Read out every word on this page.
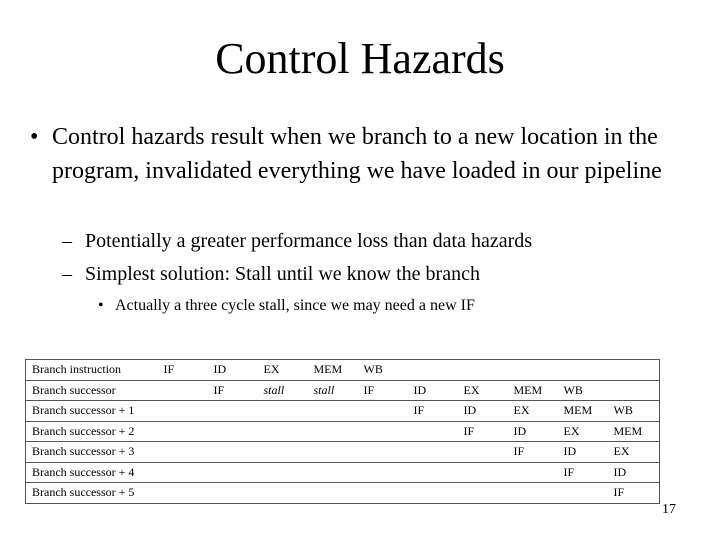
Control Hazards
• Control hazards result when we branch to a new location in the program, invalidated everything we have loaded in our pipeline
– Potentially a greater performance loss than data hazards
– Simplest solution: Stall until we know the branch
• Actually a three cycle stall, since we may need a new IF
Branch instruction	IF	ID	EX	MEM	WB					
Branch successor		IF	stall	stall	IF	ID	EX	MEM	WB	
Branch successor + 1						IF	ID	EX	MEM	WB
Branch successor + 2							IF	ID	EX	MEM
Branch successor + 3								IF	ID	EX
Branch successor + 4									IF	ID
Branch successor + 5										IF
17
